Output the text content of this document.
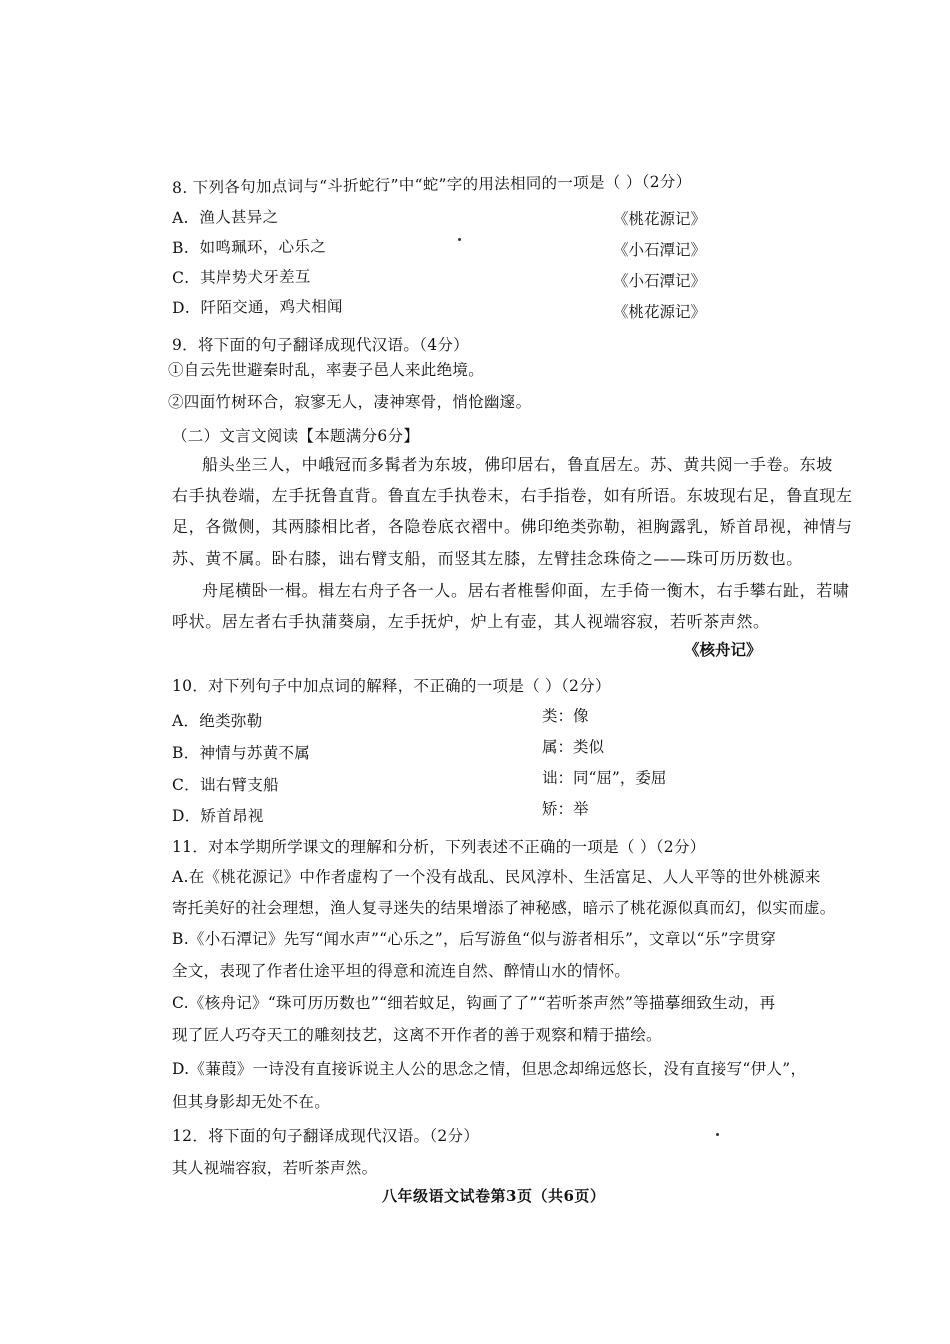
8. 下列各句加点词与“斗折蛇行”中“蛇”字的用法相同的一项是（ ）（2分）
A．渔人甚异之	《桃花源记》
B．如鸣珮环，心乐之	《小石潭记》
C．其岸势犬牙差互	《小石潭记》
D．阡陌交通，鸡犬相闻	《桃花源记》
9．将下面的句子翻译成现代汉语。（4分）
①自云先世避秦时乱，率妻子邑人来此绝境。
②四面竹树环合，寂寥无人，凄神寒骨，悄怆幽邃。
（二）文言文阅读【本题满分6分】
船头坐三人，中峨冠而多髯者为东坡，佛印居右，鲁直居左。苏、黄共阅一手卷。东坡
右手执卷端，左手抚鲁直背。鲁直左手执卷末，右手指卷，如有所语。东坡现右足，鲁直现左
足，各微侧，其两膝相比者，各隐卷底衣褶中。佛印绝类弥勒，袒胸露乳，矫首昂视，神情与
苏、黄不属。卧右膝，诎右臂支船，而竖其左膝，左臂挂念珠倚之——珠可历历数也。
舟尾横卧一楫。楫左右舟子各一人。居右者椎髻仰面，左手倚一衡木，右手攀右趾，若啸
呼状。居左者右手执蒲葵扇，左手抚炉，炉上有壶，其人视端容寂，若听茶声然。
《核舟记》
10．对下列句子中加点词的解释，不正确的一项是（ ）（2分）
A．绝类弥勒	类：像
B．神情与苏黄不属	属：类似
C．诎右臂支船	诎：同“屈”，委屈
D．矫首昂视	矫：举
11．对本学期所学课文的理解和分析，下列表述不正确的一项是（ ）（2分）
A.在《桃花源记》中作者虚构了一个没有战乱、民风淳朴、生活富足、人人平等的世外桃源来
寄托美好的社会理想，渔人复寻迷失的结果增添了神秘感，暗示了桃花源似真而幻，似实而虚。
B.《小石潭记》先写“闻水声”“心乐之”，后写游鱼“似与游者相乐”，文章以“乐”字贯穿
全文，表现了作者仕途平坦的得意和流连自然、醉情山水的情怀。
C.《核舟记》“珠可历历数也”“细若蚊足，钩画了了”“若听茶声然”等描摹细致生动，再
现了匠人巧夺天工的雕刻技艺，这离不开作者的善于观察和精于描绘。
D.《蒹葭》一诗没有直接诉说主人公的思念之情，但思念却绵远悠长，没有直接写“伊人”，
但其身影却无处不在。
12．将下面的句子翻译成现代汉语。（2分）
其人视端容寂，若听茶声然。
八年级语文试卷第3页（共6页）
